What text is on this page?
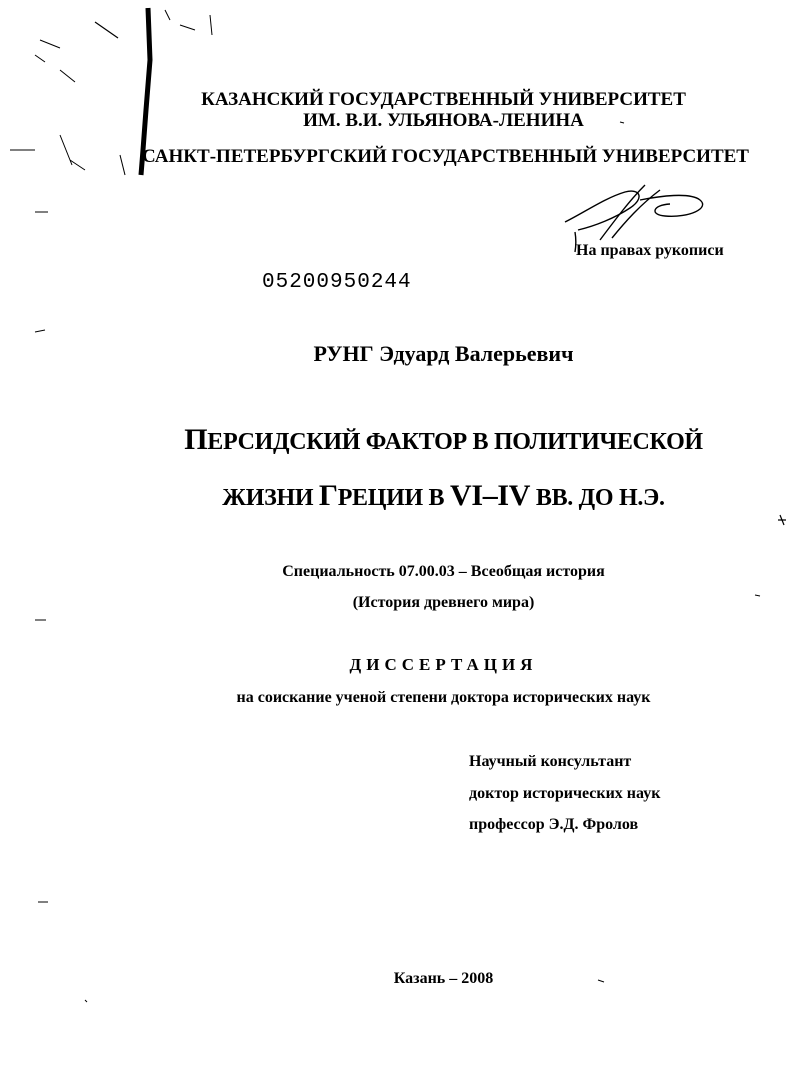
КАЗАНСКИЙ ГОСУДАРСТВЕННЫЙ УНИВЕРСИТЕТ
ИМ. В.И. УЛЬЯНОВА-ЛЕНИНА
САНКТ-ПЕТЕРБУРГСКИЙ ГОСУДАРСТВЕННЫЙ УНИВЕРСИТЕТ
На правах рукописи
05200950244
РУНГ Эдуард Валерьевич
ПЕРСИДСКИЙ ФАКТОР В ПОЛИТИЧЕСКОЙ
ЖИЗНИ ГРЕЦИИ В VI–IV ВВ. ДО Н.Э.
Специальность 07.00.03 – Всеобщая история
(История древнего мира)
ДИССЕРТАЦИЯ
на соискание ученой степени доктора исторических наук
Научный консультант
доктор исторических наук
профессор Э.Д. Фролов
Казань – 2008
